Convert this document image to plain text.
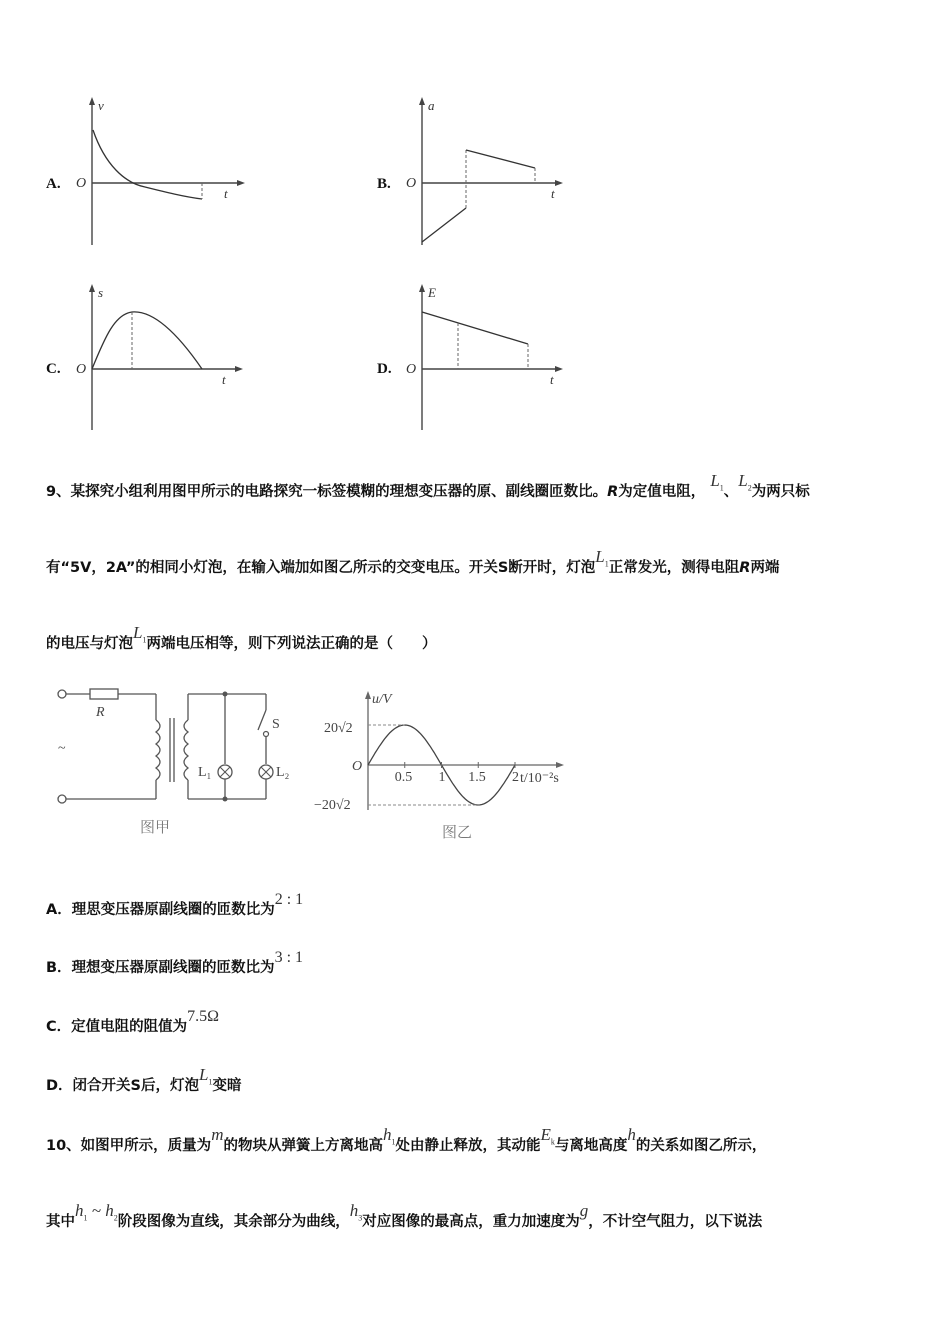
A.
v
t
O	B.
a
t
O
C.
s
t
O	D.
E
t
O
9、某探究小组利用图甲所示的电路探究一标签模糊的理想变压器的原、副线圈匝数比。R为定值电阻， $L_1$、$L_2$为两只标
有“5V，2A”的相同小灯泡，在输入端加如图乙所示的交变电压。开关S断开时，灯泡$L_1$正常发光，测得电阻R两端
的电压与灯泡$L_1$两端电压相等，则下列说法正确的是（　　）
R
S
L₁	L₂
~
图甲
0.5 1 1.5 2
u/V
t/10⁻²s
20√2
−20√2
O
图乙
A．理思变压器原副线圈的匝数比为2 : 1
B．理想变压器原副线圈的匝数比为3 : 1
C．定值电阻的阻值为7.5Ω
D．闭合开关S后，灯泡$L_1$变暗
10、如图甲所示，质量为m的物块从弹簧上方离地高$h_1$处由静止释放，其动能$E_k$与离地高度h的关系如图乙所示，
其中$h_1$ ~ $h_2$阶段图像为直线，其余部分为曲线，$h_3$对应图像的最高点，重力加速度为g，不计空气阻力，以下说法
